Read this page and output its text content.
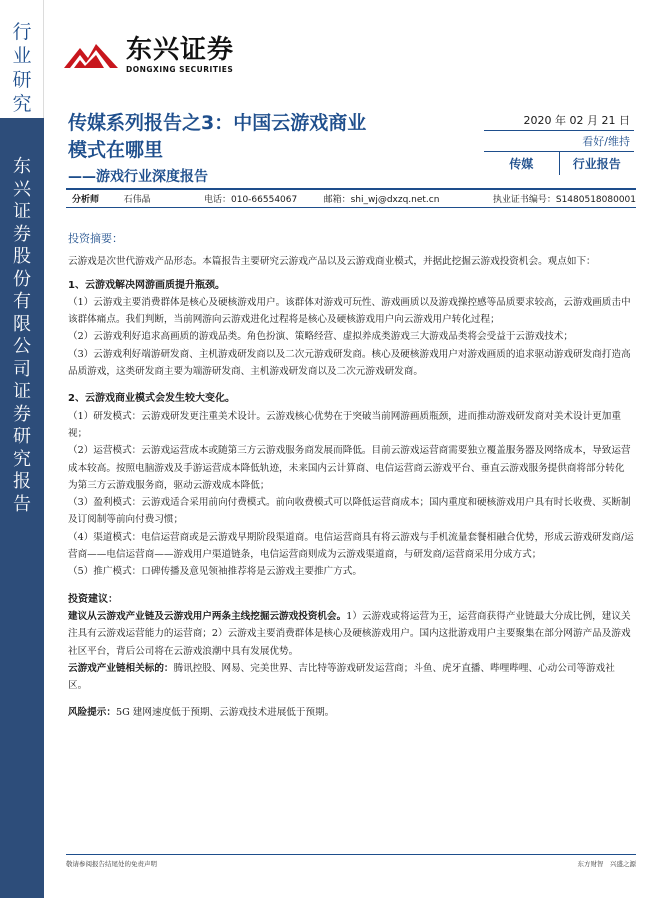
行业研究
东兴证券股份有限公司证券研究报告
东兴证券
DONGXING SECURITIES
传媒系列报告之3：中国云游戏商业
模式在哪里
——游戏行业深度报告
2020 年 02 月 21 日
看好/维持
传媒	行业报告
分析师	石伟晶	电话：010-66554067	邮箱：shi_wj@dxzq.net.cn	执业证书编号：S1480518080001
投资摘要：
云游戏是次世代游戏产品形态。本篇报告主要研究云游戏产品以及云游戏商业模式，并据此挖掘云游戏投资机会。观点如下：
1、云游戏解决网游画质提升瓶颈。
（1）云游戏主要消费群体是核心及硬核游戏用户。该群体对游戏可玩性、游戏画质以及游戏操控感等品质要求较高，云游戏画质击中该群体痛点。我们判断，当前网游向云游戏进化过程将是核心及硬核游戏用户向云游戏用户转化过程；
（2）云游戏利好追求高画质的游戏品类。角色扮演、策略经营、虚拟养成类游戏三大游戏品类将会受益于云游戏技术；
（3）云游戏利好端游研发商、主机游戏研发商以及二次元游戏研发商。核心及硬核游戏用户对游戏画质的追求驱动游戏研发商打造高品质游戏，这类研发商主要为端游研发商、主机游戏研发商以及二次元游戏研发商。
2、云游戏商业模式会发生较大变化。
（1）研发模式：云游戏研发更注重美术设计。云游戏核心优势在于突破当前网游画质瓶颈，进而推动游戏研发商对美术设计更加重视；
（2）运营模式：云游戏运营成本或随第三方云游戏服务商发展而降低。目前云游戏运营商需要独立覆盖服务器及网络成本，导致运营成本较高。按照电脑游戏及手游运营成本降低轨迹，未来国内云计算商、电信运营商云游戏平台、垂直云游戏服务提供商将部分转化为第三方云游戏服务商，驱动云游戏成本降低；
（3）盈利模式：云游戏适合采用前向付费模式。前向收费模式可以降低运营商成本；国内重度和硬核游戏用户具有时长收费、买断制及订阅制等前向付费习惯；
（4）渠道模式：电信运营商或是云游戏早期阶段渠道商。电信运营商具有将云游戏与手机流量套餐相融合优势，形成云游戏研发商/运营商——电信运营商——游戏用户渠道链条，电信运营商则成为云游戏渠道商，与研发商/运营商采用分成方式；
（5）推广模式：口碑传播及意见领袖推荐将是云游戏主要推广方式。
投资建议：
建议从云游戏产业链及云游戏用户两条主线挖掘云游戏投资机会。1）云游戏或将运营为王，运营商获得产业链最大分成比例，建议关注具有云游戏运营能力的运营商；2）云游戏主要消费群体是核心及硬核游戏用户。国内这批游戏用户主要聚集在部分网游产品及游戏社区平台，背后公司将在云游戏浪潮中具有发展优势。
云游戏产业链相关标的：腾讯控股、网易、完美世界、吉比特等游戏研发运营商；斗鱼、虎牙直播、哔哩哔哩、心动公司等游戏社区。
风险提示：5G 建网速度低于预期、云游戏技术进展低于预期。
敬请参阅报告结尾处的免责声明	东方财智　兴盛之源
